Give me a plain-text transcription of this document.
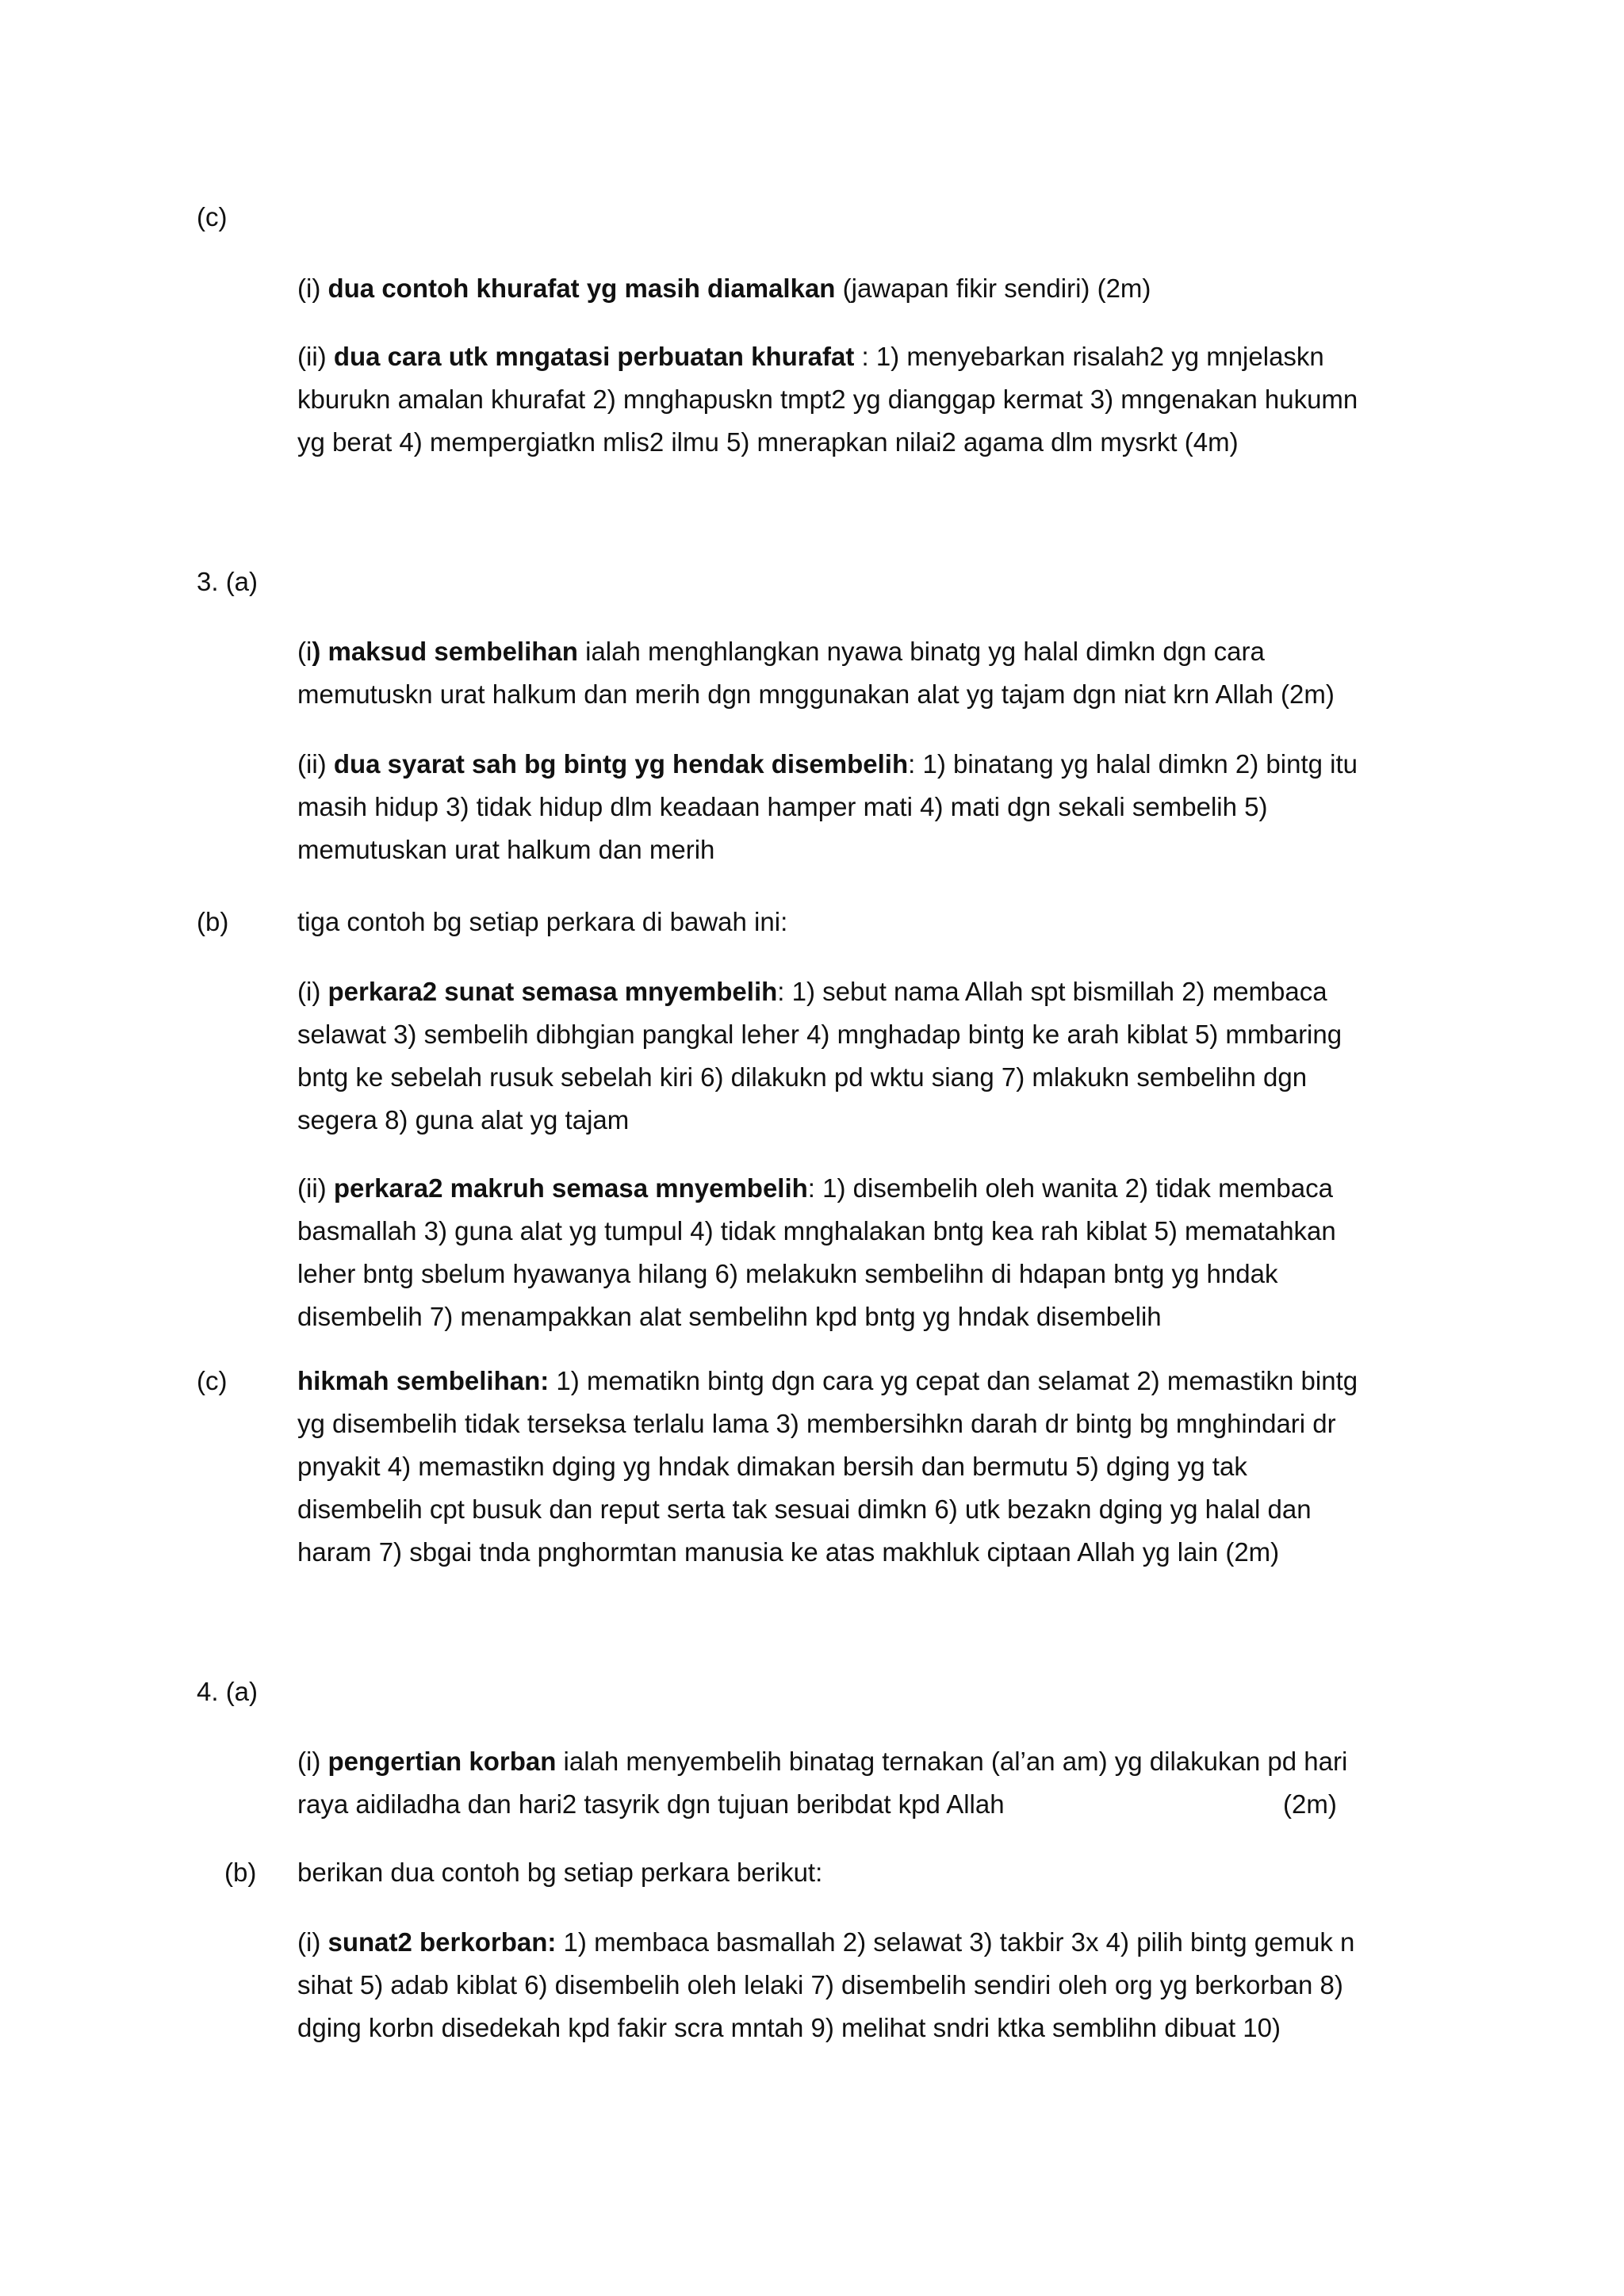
(c)
(i) dua contoh khurafat yg masih diamalkan (jawapan fikir sendiri) (2m)
(ii) dua cara utk mngatasi perbuatan khurafat : 1) menyebarkan risalah2 yg mnjelaskn
kburukn amalan khurafat 2) mnghapuskn tmpt2 yg dianggap kermat 3) mngenakan hukumn
yg berat 4) mempergiatkn mlis2 ilmu 5) mnerapkan nilai2 agama dlm mysrkt (4m)
3. (a)
(i) maksud sembelihan ialah menghlangkan nyawa binatg yg halal dimkn dgn cara
memutuskn urat halkum dan merih dgn mnggunakan alat yg tajam dgn niat krn Allah (2m)
(ii) dua syarat sah bg bintg yg hendak disembelih: 1) binatang yg halal dimkn 2) bintg itu
masih hidup 3) tidak hidup dlm keadaan hamper mati 4) mati dgn sekali sembelih 5)
memutuskan urat halkum dan merih
(b)	tiga contoh bg setiap perkara di bawah ini:
(i) perkara2 sunat semasa mnyembelih: 1) sebut nama Allah spt bismillah 2) membaca
selawat 3) sembelih dibhgian pangkal leher 4) mnghadap bintg ke arah kiblat 5) mmbaring
bntg ke sebelah rusuk sebelah kiri 6) dilakukn pd wktu siang 7) mlakukn sembelihn dgn
segera 8) guna alat yg tajam
(ii) perkara2 makruh semasa mnyembelih: 1) disembelih oleh wanita 2) tidak membaca
basmallah 3) guna alat yg tumpul 4) tidak mnghalakan bntg kea rah kiblat 5) mematahkan
leher bntg sbelum hyawanya hilang 6) melakukn sembelihn di hdapan bntg yg hndak
disembelih 7) menampakkan alat sembelihn kpd bntg yg hndak disembelih
(c)	hikmah sembelihan: 1) mematikn bintg dgn cara yg cepat dan selamat 2) memastikn bintg
yg disembelih tidak terseksa terlalu lama 3) membersihkn darah dr bintg bg mnghindari dr
pnyakit 4) memastikn dging yg hndak dimakan bersih dan bermutu 5) dging yg tak
disembelih cpt busuk dan reput serta tak sesuai dimkn 6) utk bezakn dging yg halal dan
haram 7) sbgai tnda pnghormtan manusia ke atas makhluk ciptaan Allah yg lain (2m)
4. (a)
(i) pengertian korban ialah menyembelih binatag ternakan (al’an am) yg dilakukan pd hari
raya aidiladha dan hari2 tasyrik dgn tujuan beribdat kpd Allah	(2m)
(b) berikan dua contoh bg setiap perkara berikut:
(i) sunat2 berkorban: 1) membaca basmallah 2) selawat 3) takbir 3x 4) pilih bintg gemuk n
sihat 5) adab kiblat 6) disembelih oleh lelaki 7) disembelih sendiri oleh org yg berkorban 8)
dging korbn disedekah kpd fakir scra mntah 9) melihat sndri ktka semblihn dibuat 10)
